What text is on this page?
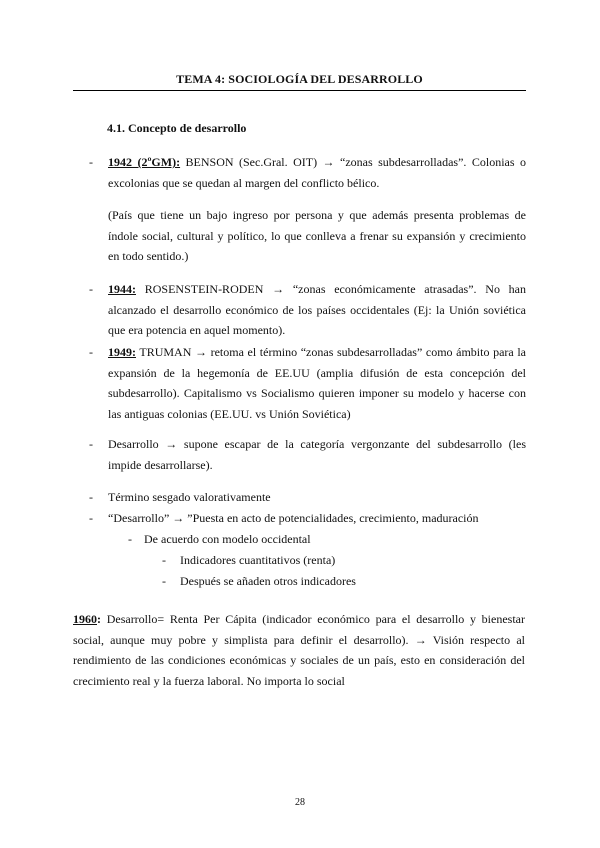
TEMA 4: SOCIOLOGÍA DEL DESARROLLO
4.1. Concepto de desarrollo
- 1942 (2ºGM): BENSON (Sec.Gral. OIT) → “zonas subdesarrolladas”. Colonias o
excolonias que se quedan al margen del conflicto bélico.
(País que tiene un bajo ingreso por persona y que además presenta problemas de
índole social, cultural y político, lo que conlleva a frenar su expansión y crecimiento
en todo sentido.)
- 1944: ROSENSTEIN-RODEN → “zonas económicamente atrasadas”. No han
alcanzado el desarrollo económico de los países occidentales (Ej: la Unión soviética
que era potencia en aquel momento).
- 1949: TRUMAN → retoma el término “zonas subdesarrolladas” como ámbito para la
expansión de la hegemonía de EE.UU (amplia difusión de esta concepción del
subdesarrollo). Capitalismo vs Socialismo quieren imponer su modelo y hacerse con
las antiguas colonias (EE.UU. vs Unión Soviética)
- Desarrollo → supone escapar de la categoría vergonzante del subdesarrollo (les
impide desarrollarse).
- Término sesgado valorativamente
- “Desarrollo” → ”Puesta en acto de potencialidades, crecimiento, maduración
- De acuerdo con modelo occidental
- Indicadores cuantitativos (renta)
- Después se añaden otros indicadores
1960: Desarrollo= Renta Per Cápita (indicador económico para el desarrollo y bienestar
social, aunque muy pobre y simplista para definir el desarrollo). → Visión respecto al
rendimiento de las condiciones económicas y sociales de un país, esto en consideración del
crecimiento real y la fuerza laboral. No importa lo social
28
